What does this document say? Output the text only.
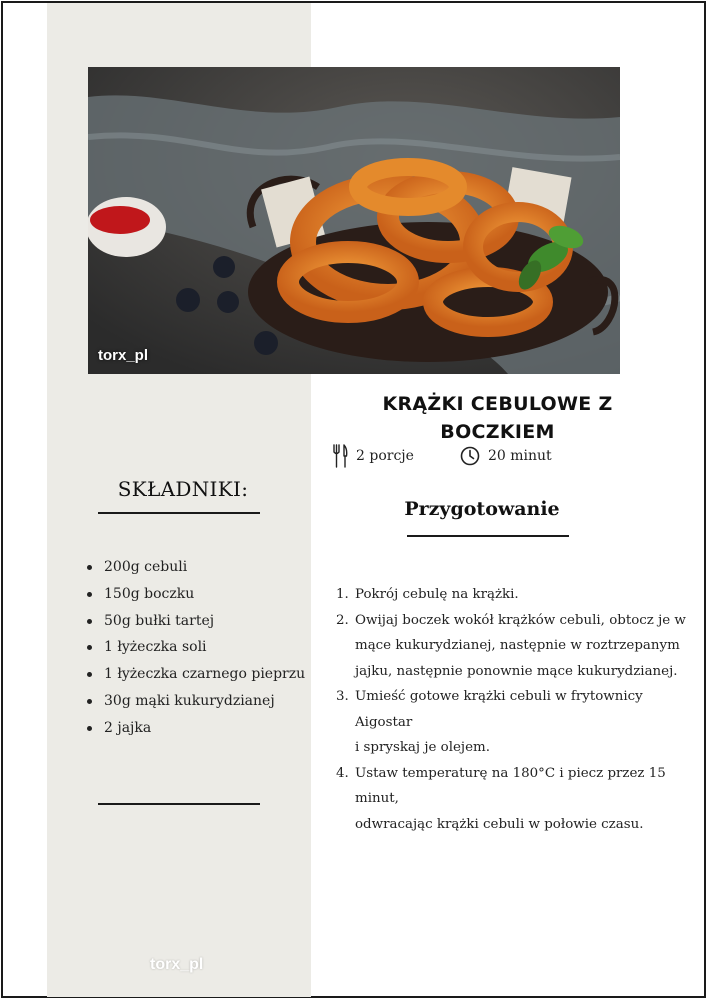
torx_pl
KRĄŻKI CEBULOWE Z BOCZKIEM
2 porcje	20 minut
SKŁADNIKI:
200g cebuli
150g boczku
50g bułki tartej
1 łyżeczka soli
1 łyżeczka czarnego pieprzu
30g mąki kukurydzianej
2 jajka
Przygotowanie
1. Pokrój cebulę na krążki.
2. Owijaj boczek wokół krążków cebuli, obtocz je w
mące kukurydzianej, następnie w roztrzepanym
jajku, następnie ponownie mące kukurydzianej.
3. Umieść gotowe krążki cebuli w frytownicy Aigostar
i spryskaj je olejem.
4. Ustaw temperaturę na 180°C i piecz przez 15 minut,
odwracając krążki cebuli w połowie czasu.
torx_pl
